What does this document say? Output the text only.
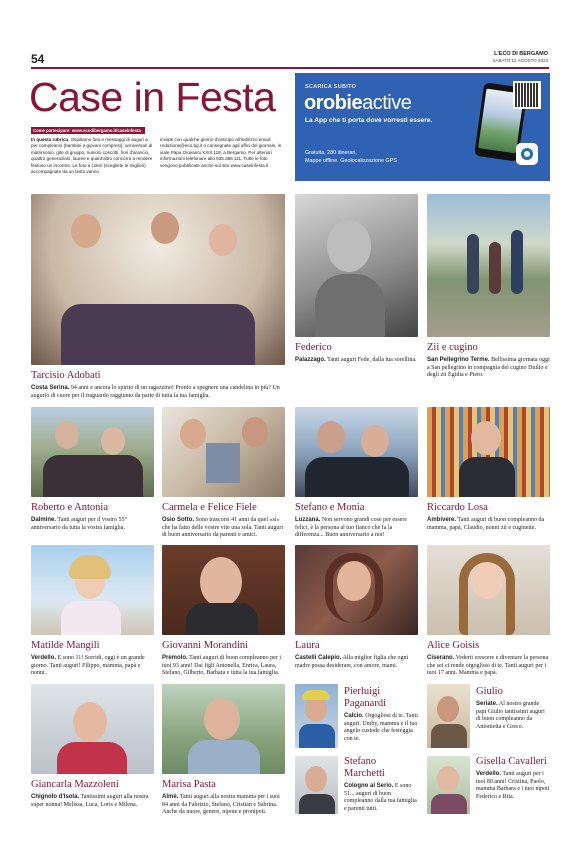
54	L'ECO DI BERGAMO
SABATO 12 AGOSTO 2023
Case in Festa
Come partecipare: www.ecodibergamo.it/caseinfesta
In questa rubrica. Ospitiamo foto e messaggi di auguri a per compleanni (bambini e giovani compresi), anniversari di matrimonio, gite di gruppo, riunioni coscritti, fiori d'arancio, quattro generazioni, lauree e quant'altro concorra a rendere festoso un incontro. Le foto a colori (scegliete le migliori) accompagnate da un testo vanno
inviate con qualche giorno d'anticipo all'indirizzo email: redazione@eco.bg.it o consegnate agli uffici del giornale, in viale Papa Giovanni XXIII 118, a Bergamo. Per ulteriori informazioni telefonare allo 035.386.111. Tutte le foto vengono pubblicate anche sul sito www.caseinfesta.it
SCARICA SUBITO
orobieactive
La App che ti porta dove vorresti essere.
Gratuita, 280 itinerari,
Mappe offline. Geolocalizzazione GPS
Tarcisio Adobati
Costa Serina. 94 anni e ancora lo spirito di un ragazzino! Pronto a spegnere una candelina in più? Un augurio di cuore per il traguardo raggiunto da parte di tutta la tua famiglia.
Federico
Palazzago. Tanti auguri Fede, dalla tua sorellina.
Zii e cugino
San Pellegrino Terme. Bellissima giornata oggi a San pellegrino in compagnia del cugino Duilio e degli zii Egidia e Piero.
Roberto e Antonia
Dalmine. Tanti auguri per il vostro 55° anniversario da tutta la vostra famiglia.
Carmela e Felice Fiele
Osio Sotto. Sono trascorsi 41 anni da quel «sì» che ha fatto delle vostre vite una sola. Tanti auguri di buon anniversario da parenti e amici.
Stefano e Monia
Luzzana. Non servono grandi cose per essere felici, è la persona al tuo fianco che fa la differenza... Buon anniversario a noi!
Riccardo Losa
Ambivere. Tanti auguri di buon compleanno da mamma, papà, Claudio, nonni zii e cuginette.
Matilde Mangili
Verdello. E sono 11! Sorridi, oggi è un grande giorno. Tanti auguri! Filippo, mamma, papà e nonni.
Giovanni Morandini
Premolo. Tanti auguri di buon compleanno per i tuoi 93 anni! Dai figli Antonella, Enrica, Laura, Stefano, Gilberto, Barbara e tutta la tua famiglia.
Laura
Castelli Calepio. Alla miglior figlia che ogni madre possa desiderare, con amore, mami.
Alice Goisis
Ciserano. Vederti crescere e diventare la persona che sei ci rende orgogliosi di te. Tanti auguri per i tuoi 17 anni. Mamma e papà.
Giancarla Mazzoleni
Chignolo d'Isola. Tantissimi auguri alla nostra super nonna! Melissa, Luca, Loris e Milena.
Marisa Pasta
Almè. Tanti auguri alla nostra mamma per i suoi 84 anni da Fabrizio, Stefano, Cristian e Sabrina. Anche da nuore, genero, nipote e pronipoti.
Pierluigi Paganardi
Calcio. Orgogliosi di te. Tanti auguri. Umby, mamma e il tuo angelo custode che festeggia con te.
Stefano Marchetti
Cologno al Serio. E sono 51... auguri di buon compleanno dalla tua famiglia e parenti tutti.
Giulio
Seriate. Al nostro grande papi Giulio tantissimi auguri di buon compleanno da Antonietta e Greco.
Gisella Cavalleri
Verdello. Tanti auguri per i tuoi 80 anni! Cristina, Paolo, mamma Barbara e i tuoi nipoti Federico e Rita.
